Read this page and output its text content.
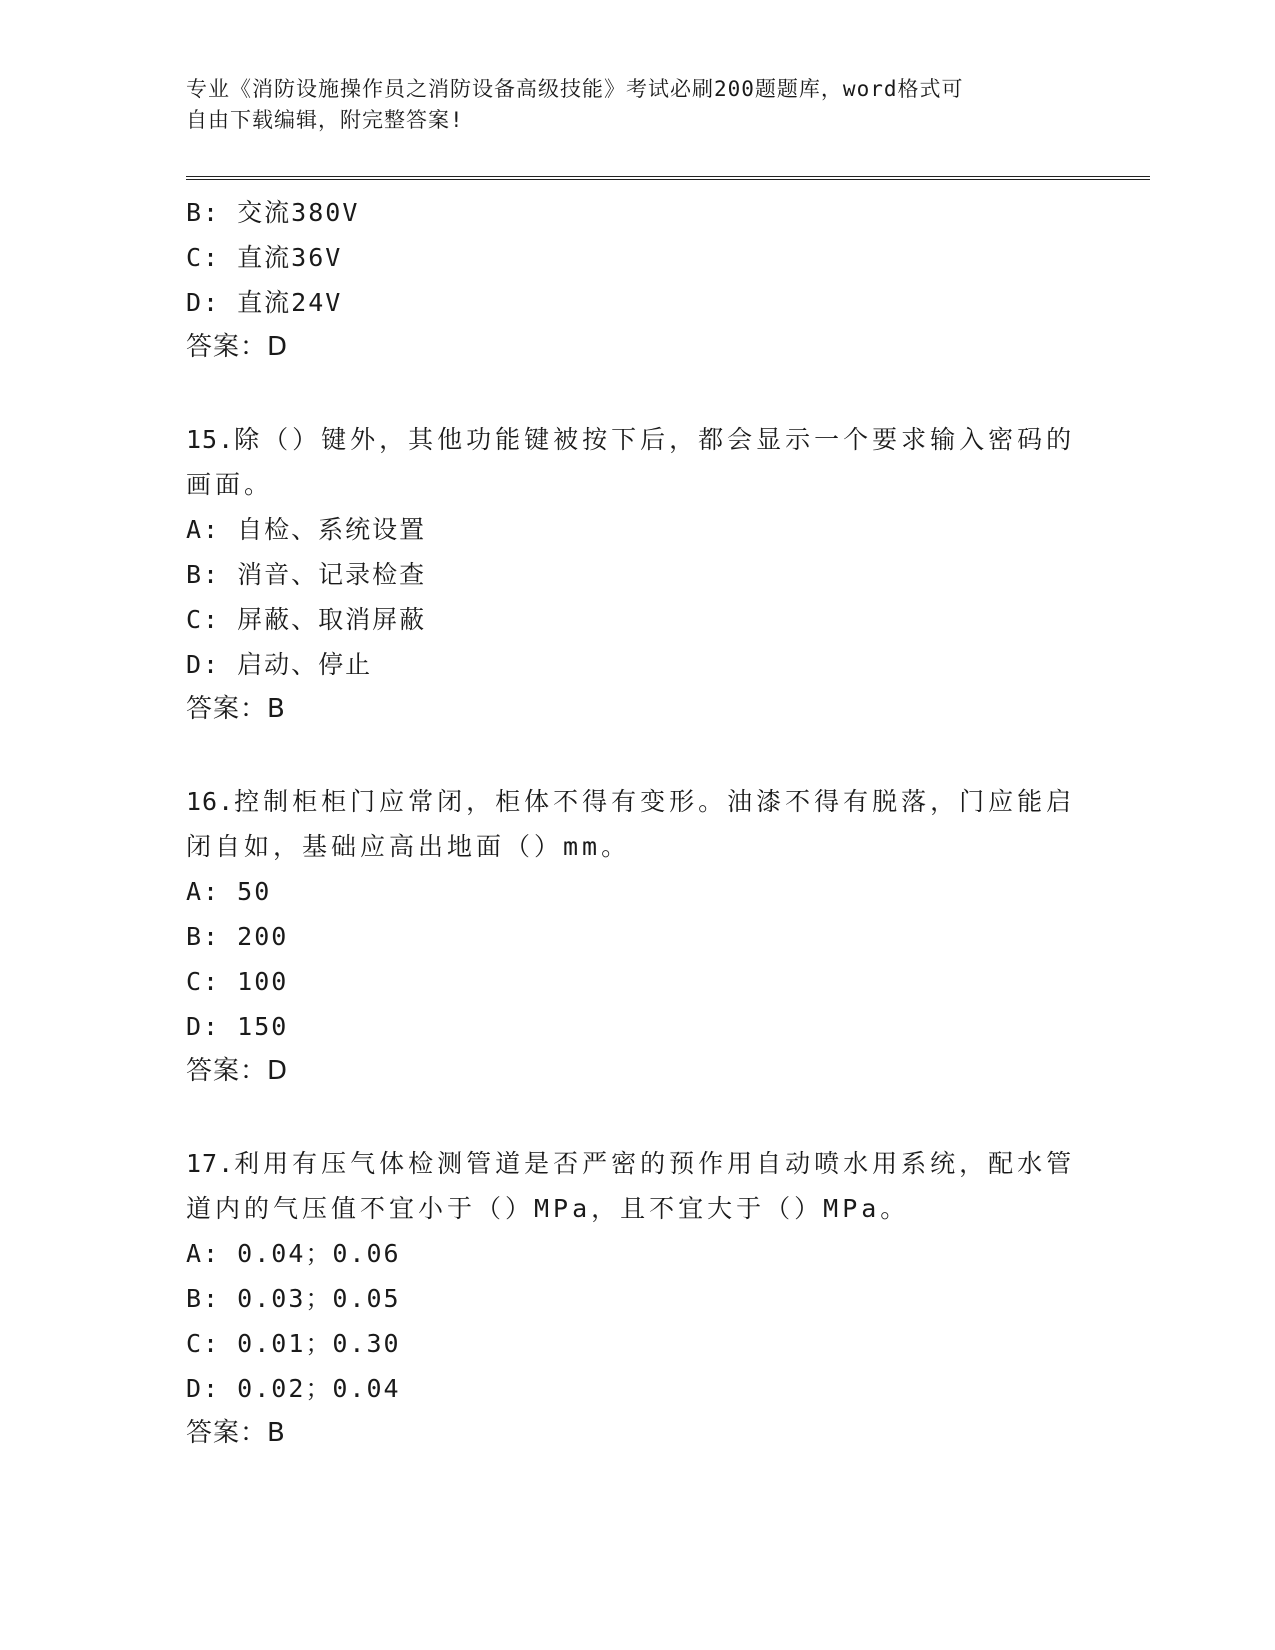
专业《消防设施操作员之消防设备高级技能》考试必刷200题题库，word格式可
自由下载编辑，附完整答案!
B: 交流380V
C: 直流36V
D: 直流24V
答案：D
15.除（）键外，其他功能键被按下后，都会显示一个要求输入密码的
画面。
A: 自检、系统设置
B: 消音、记录检查
C: 屏蔽、取消屏蔽
D: 启动、停止
答案：B
16.控制柜柜门应常闭，柜体不得有变形。油漆不得有脱落，门应能启
闭自如，基础应高出地面（）mm。
A: 50
B: 200
C: 100
D: 150
答案：D
17.利用有压气体检测管道是否严密的预作用自动喷水用系统，配水管
道内的气压值不宜小于（）MPa，且不宜大于（）MPa。
A: 0.04；0.06
B: 0.03；0.05
C: 0.01；0.30
D: 0.02；0.04
答案：B
